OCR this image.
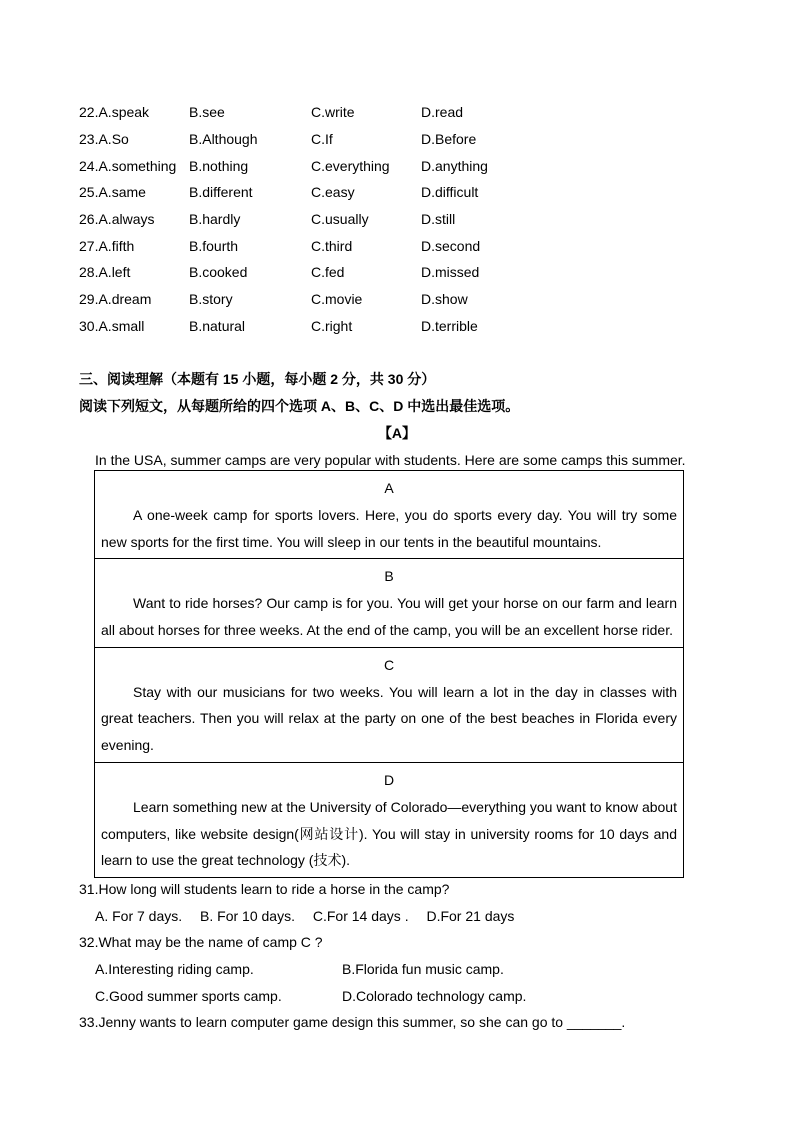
22.A.speak	B.see	C.write	D.read
23.A.So	B.Although	C.If	D.Before
24.A.something B.nothing	C.everything D.anything
25.A.same	B.different	C.easy	D.difficult
26.A.always B.hardly	C.usually	D.still
27.A.fifth	B.fourth	C.third	D.second
28.A.left	B.cooked	C.fed	D.missed
29.A.dream	B.story	C.movie	D.show
30.A.small	B.natural	C.right	D.terrible
三、阅读理解（本题有 15 小题，每小题 2 分，共 30 分）
阅读下列短文，从每题所给的四个选项 A、B、C、D 中选出最佳选项。
【A】
In the USA, summer camps are very popular with students. Here are some camps this summer.
A
A one-week camp for sports lovers. Here, you do sports every day. You will try some new sports for the first time. You will sleep in our tents in the beautiful mountains.

B
Want to ride horses? Our camp is for you. You will get your horse on our farm and learn all about horses for three weeks. At the end of the camp, you will be an excellent horse rider.

C
Stay with our musicians for two weeks. You will learn a lot in the day in classes with great teachers. Then you will relax at the party on one of the best beaches in Florida every evening.

D
Learn something new at the University of Colorado—everything you want to know about computers, like website design(网站设计). You will stay in university rooms for 10 days and learn to use the great technology (技术).
31.How long will students learn to ride a horse in the camp?
A. For 7 days. B. For 10 days. C.For 14 days . D.For 21 days
32.What may be the name of camp C ?
A.Interesting riding camp.	B.Florida fun music camp.
C.Good summer sports camp.	D.Colorado technology camp.
33.Jenny wants to learn computer game design this summer, so she can go to _______.
